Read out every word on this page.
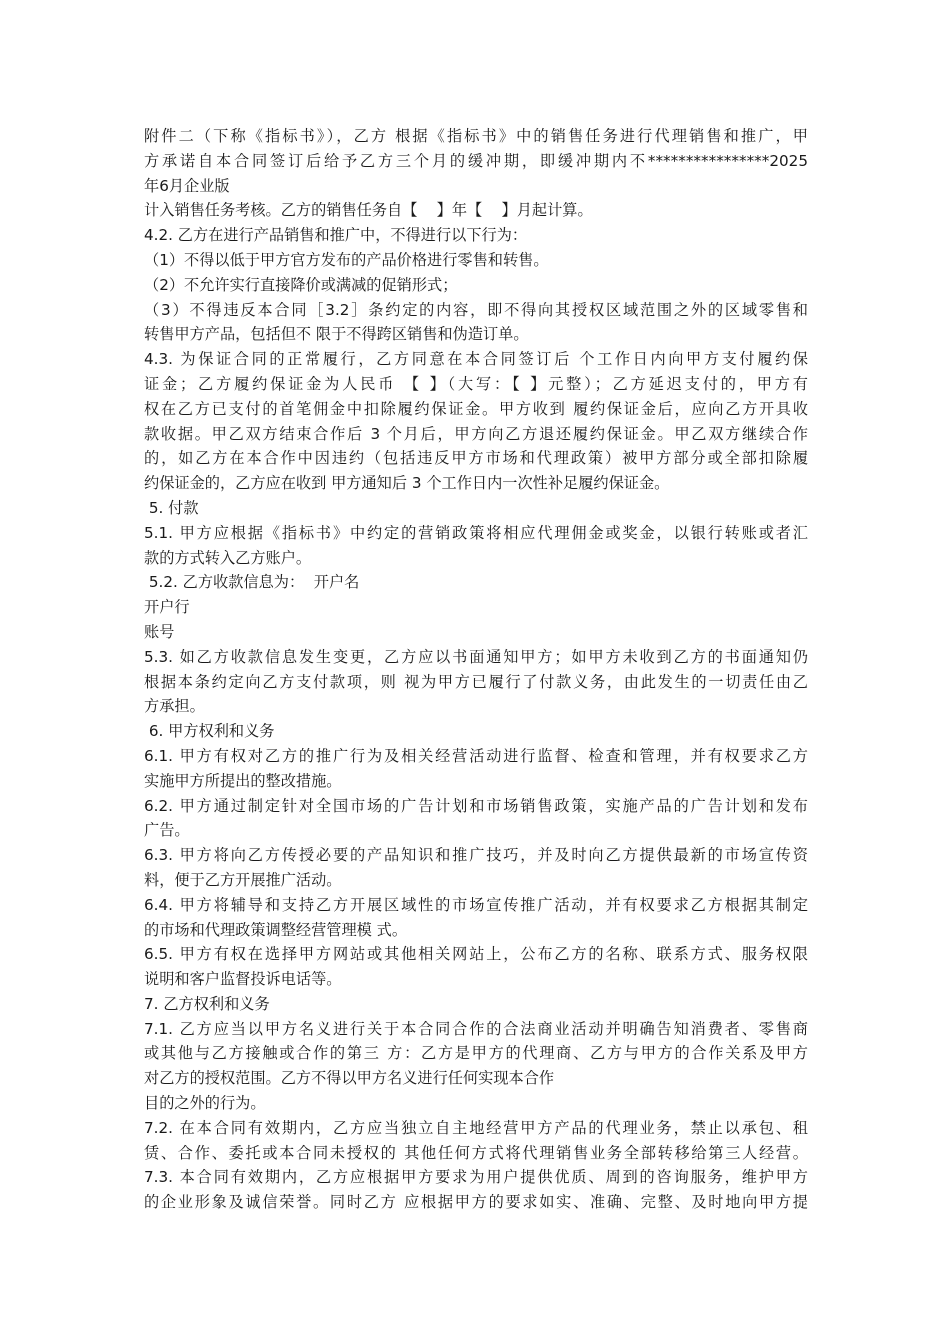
附件二（下称《指标书》），乙方 根据《指标书》中的销售任务进行代理销售和推广，甲
方承诺自本合同签订后给予乙方三个月的缓冲期，即缓冲期内不****************2025
年6月企业版
计入销售任务考核。乙方的销售任务自【    】年【    】月起计算。
4.2. 乙方在进行产品销售和推广中，不得进行以下行为：
（1）不得以低于甲方官方发布的产品价格进行零售和转售。
（2）不允许实行直接降价或满减的促销形式；
（3）不得违反本合同［3.2］条约定的内容，即不得向其授权区域范围之外的区域零售和
转售甲方产品，包括但不 限于不得跨区销售和伪造订单。
4.3. 为保证合同的正常履行，乙方同意在本合同签订后 个工作日内向甲方支付履约保
证金；乙方履约保证金为人民币 【 】（大写：【 】元整）；乙方延迟支付的，甲方有
权在乙方已支付的首笔佣金中扣除履约保证金。甲方收到 履约保证金后，应向乙方开具收
款收据。甲乙双方结束合作后 3 个月后，甲方向乙方退还履约保证金。甲乙双方继续合作
的，如乙方在本合作中因违约（包括违反甲方市场和代理政策）被甲方部分或全部扣除履
约保证金的，乙方应在收到 甲方通知后 3 个工作日内一次性补足履约保证金。
5. 付款
5.1. 甲方应根据《指标书》中约定的营销政策将相应代理佣金或奖金，以银行转账或者汇
款的方式转入乙方账户。
5.2. 乙方收款信息为：  开户名
开户行
账号
5.3. 如乙方收款信息发生变更，乙方应以书面通知甲方；如甲方未收到乙方的书面通知仍
根据本条约定向乙方支付款项，则 视为甲方已履行了付款义务，由此发生的一切责任由乙
方承担。
6. 甲方权利和义务
6.1. 甲方有权对乙方的推广行为及相关经营活动进行监督、检查和管理，并有权要求乙方
实施甲方所提出的整改措施。
6.2. 甲方通过制定针对全国市场的广告计划和市场销售政策，实施产品的广告计划和发布
广告。
6.3. 甲方将向乙方传授必要的产品知识和推广技巧，并及时向乙方提供最新的市场宣传资
料，便于乙方开展推广活动。
6.4. 甲方将辅导和支持乙方开展区域性的市场宣传推广活动，并有权要求乙方根据其制定
的市场和代理政策调整经营管理模 式。
6.5. 甲方有权在选择甲方网站或其他相关网站上，公布乙方的名称、联系方式、服务权限
说明和客户监督投诉电话等。
7. 乙方权利和义务
7.1. 乙方应当以甲方名义进行关于本合同合作的合法商业活动并明确告知消费者、零售商
或其他与乙方接触或合作的第三 方：乙方是甲方的代理商、乙方与甲方的合作关系及甲方
对乙方的授权范围。乙方不得以甲方名义进行任何实现本合作
目的之外的行为。
7.2. 在本合同有效期内，乙方应当独立自主地经营甲方产品的代理业务，禁止以承包、租
赁、合作、委托或本合同未授权的 其他任何方式将代理销售业务全部转移给第三人经营。
7.3. 本合同有效期内，乙方应根据甲方要求为用户提供优质、周到的咨询服务，维护甲方
的企业形象及诚信荣誉。同时乙方 应根据甲方的要求如实、准确、完整、及时地向甲方提
